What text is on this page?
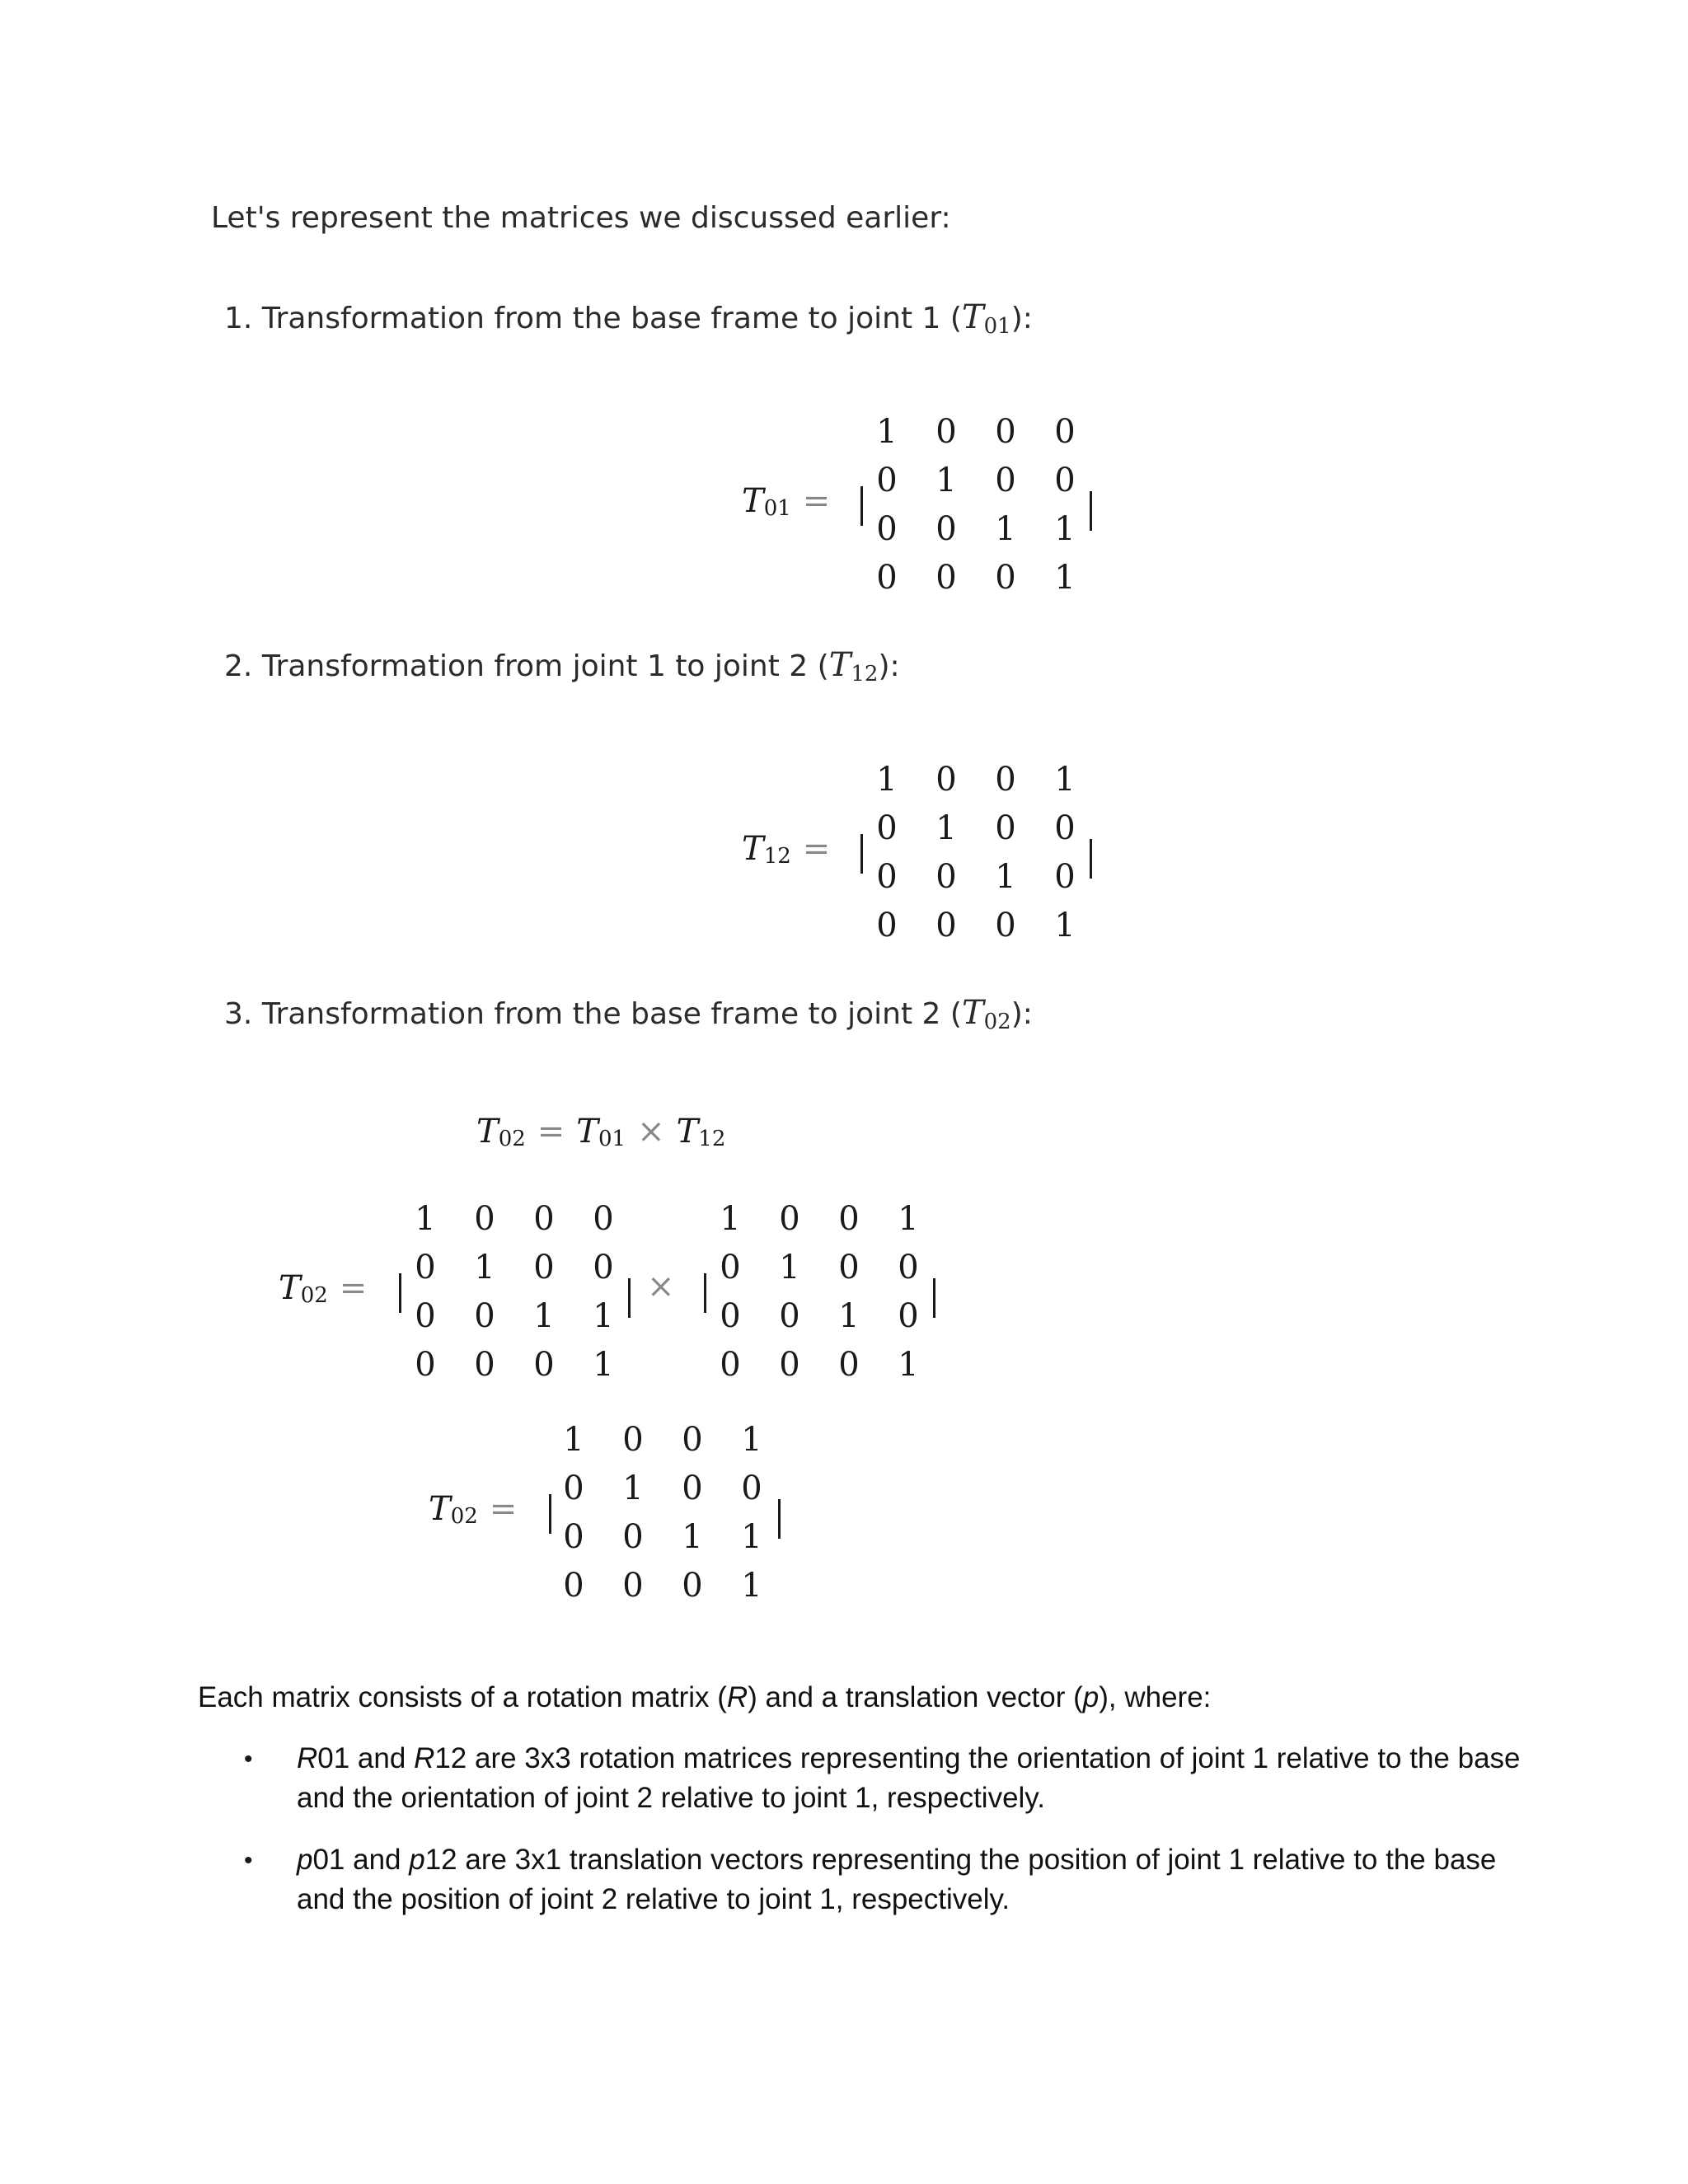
Let's represent the matrices we discussed earlier:
1. Transformation from the base frame to joint 1 $(T_{01})$:
$T_{01}$ =
1	0	0	0
0	1	0	0
0	0	1	1
0	0	0	1
2. Transformation from joint 1 to joint 2 $(T_{12})$:
$T_{12}$ =
1	0	0	1
0	1	0	0
0	0	1	0
0	0	0	1
3. Transformation from the base frame to joint 2 $(T_{02})$:
$T_{02} = T_{01} \times T_{12}$
$T_{02}$ =
1	0	0	0
0	1	0	0
0	0	1	1
0	0	0	1
×
1	0	0	1
0	1	0	0
0	0	1	0
0	0	0	1
$T_{02}$ =
1	0	0	1
0	1	0	0
0	0	1	1
0	0	0	1
Each matrix consists of a rotation matrix (R) and a translation vector (p), where:
• R01 and R12 are 3x3 rotation matrices representing the orientation of joint 1 relative to the base
and the orientation of joint 2 relative to joint 1, respectively.
• p01 and p12 are 3x1 translation vectors representing the position of joint 1 relative to the base
and the position of joint 2 relative to joint 1, respectively.
